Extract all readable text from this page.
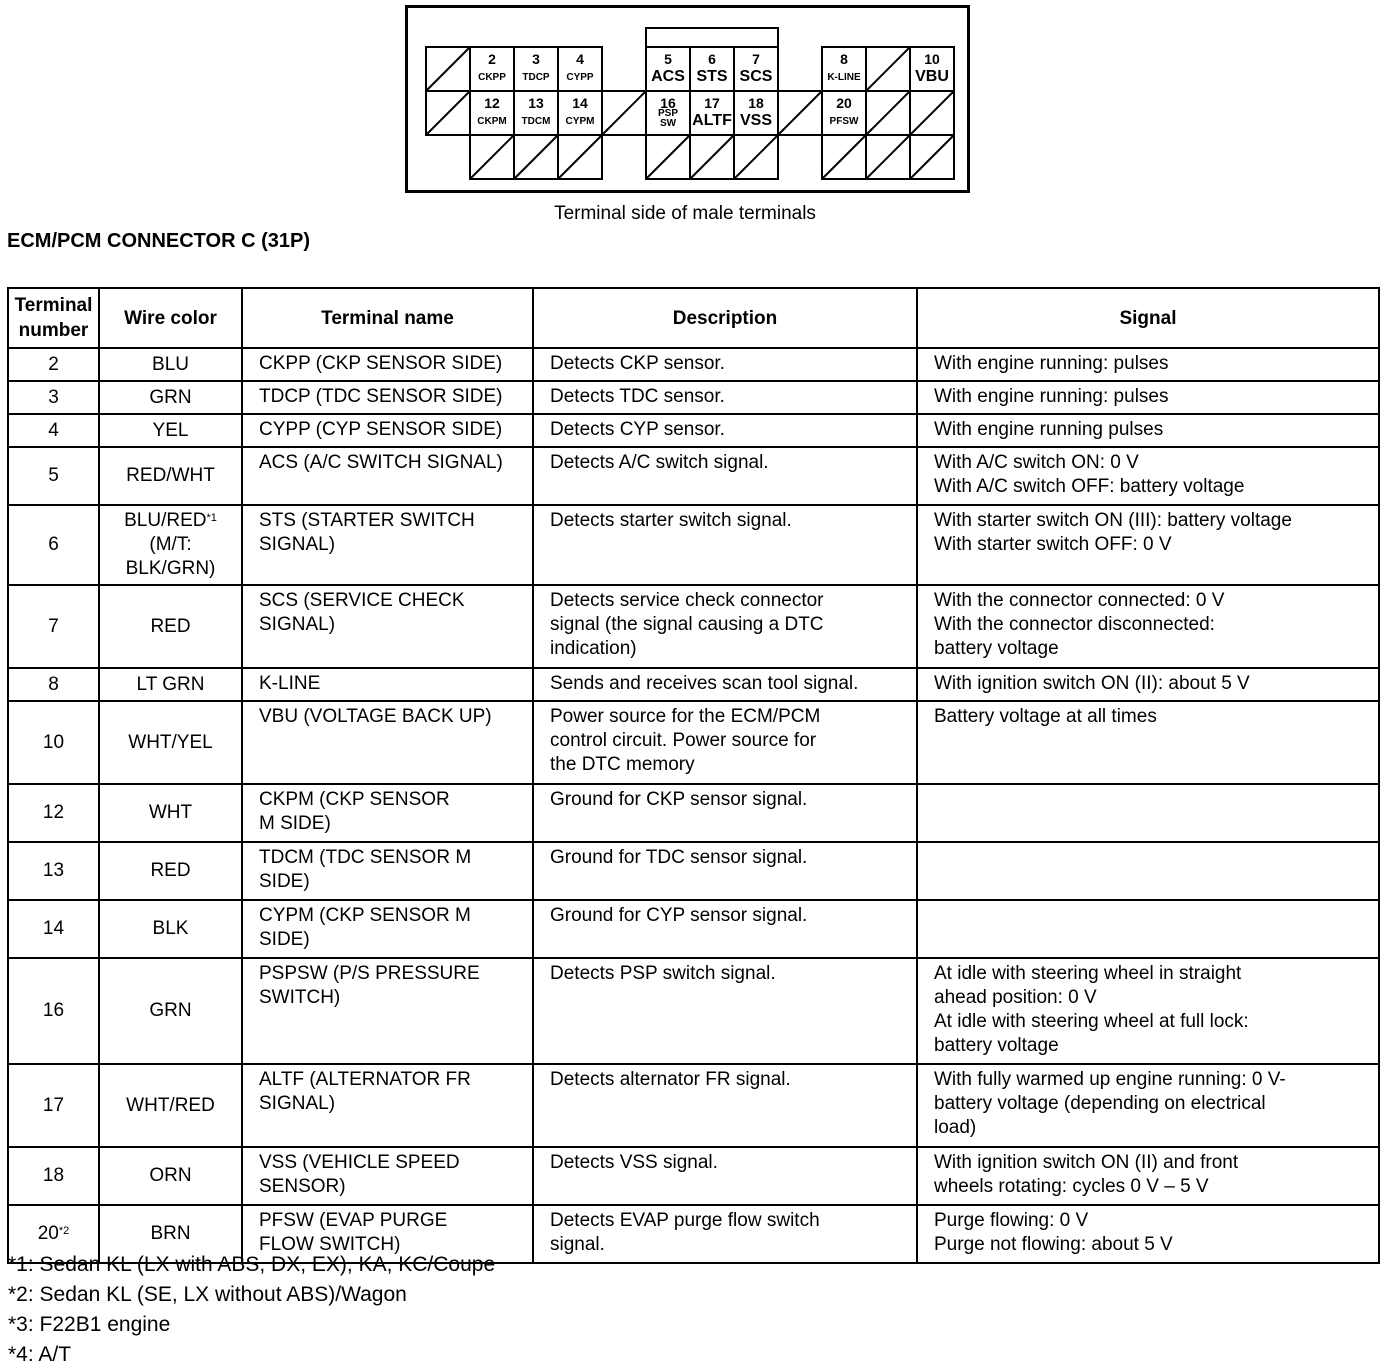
2
CKPP
3
TDCP
4
CYPP
5
ACS
6
STS
7
SCS
8
K-LINE
10
VBU
12
CKPM
13
TDCM
14
CYPM
16
PSP SW
17
ALTF
18
VSS
20
PFSW
Terminal side of male terminals
ECM/PCM CONNECTOR C (31P)
Terminal number	Wire color	Terminal name	Description	Signal
2	BLU	CKPP (CKP SENSOR SIDE)	Detects CKP sensor.	With engine running: pulses
3	GRN	TDCP (TDC SENSOR SIDE)	Detects TDC sensor.	With engine running: pulses
4	YEL	CYPP (CYP SENSOR SIDE)	Detects CYP sensor.	With engine running pulses
5	RED/WHT	ACS (A/C SWITCH SIGNAL)	Detects A/C switch signal.	With A/C switch ON: 0 V
With A/C switch OFF: battery voltage
6	BLU/RED$^{*1}$
(M/T: BLK/GRN)	STS (STARTER SWITCH
SIGNAL)	Detects starter switch signal.	With starter switch ON (III): battery voltage
With starter switch OFF: 0 V
7	RED	SCS (SERVICE CHECK
SIGNAL)	Detects service check connector
signal (the signal causing a DTC
indication)	With the connector connected: 0 V
With the connector disconnected:
battery voltage
8	LT GRN	K-LINE	Sends and receives scan tool signal.	With ignition switch ON (II): about 5 V
10	WHT/YEL	VBU (VOLTAGE BACK UP)	Power source for the ECM/PCM
control circuit. Power source for
the DTC memory	Battery voltage at all times
12	WHT	CKPM (CKP SENSOR
M SIDE)	Ground for CKP sensor signal.	
13	RED	TDCM (TDC SENSOR M
SIDE)	Ground for TDC sensor signal.	
14	BLK	CYPM (CKP SENSOR M
SIDE)	Ground for CYP sensor signal.	
16	GRN	PSPSW (P/S PRESSURE
SWITCH)	Detects PSP switch signal.	At idle with steering wheel in straight
ahead position: 0 V
At idle with steering wheel at full lock:
battery voltage
17	WHT/RED	ALTF (ALTERNATOR FR
SIGNAL)	Detects alternator FR signal.	With fully warmed up engine running: 0 V-
battery voltage (depending on electrical
load)
18	ORN	VSS (VEHICLE SPEED
SENSOR)	Detects VSS signal.	With ignition switch ON (II) and front
wheels rotating: cycles 0 V – 5 V
20$^{*2}$	BRN	PFSW (EVAP PURGE
FLOW SWITCH)	Detects EVAP purge flow switch
signal.	Purge flowing: 0 V
Purge not flowing: about 5 V
*1: Sedan KL (LX with ABS, DX, EX), KA, KC/Coupe
*2: Sedan KL (SE, LX without ABS)/Wagon
*3: F22B1 engine
*4: A/T
